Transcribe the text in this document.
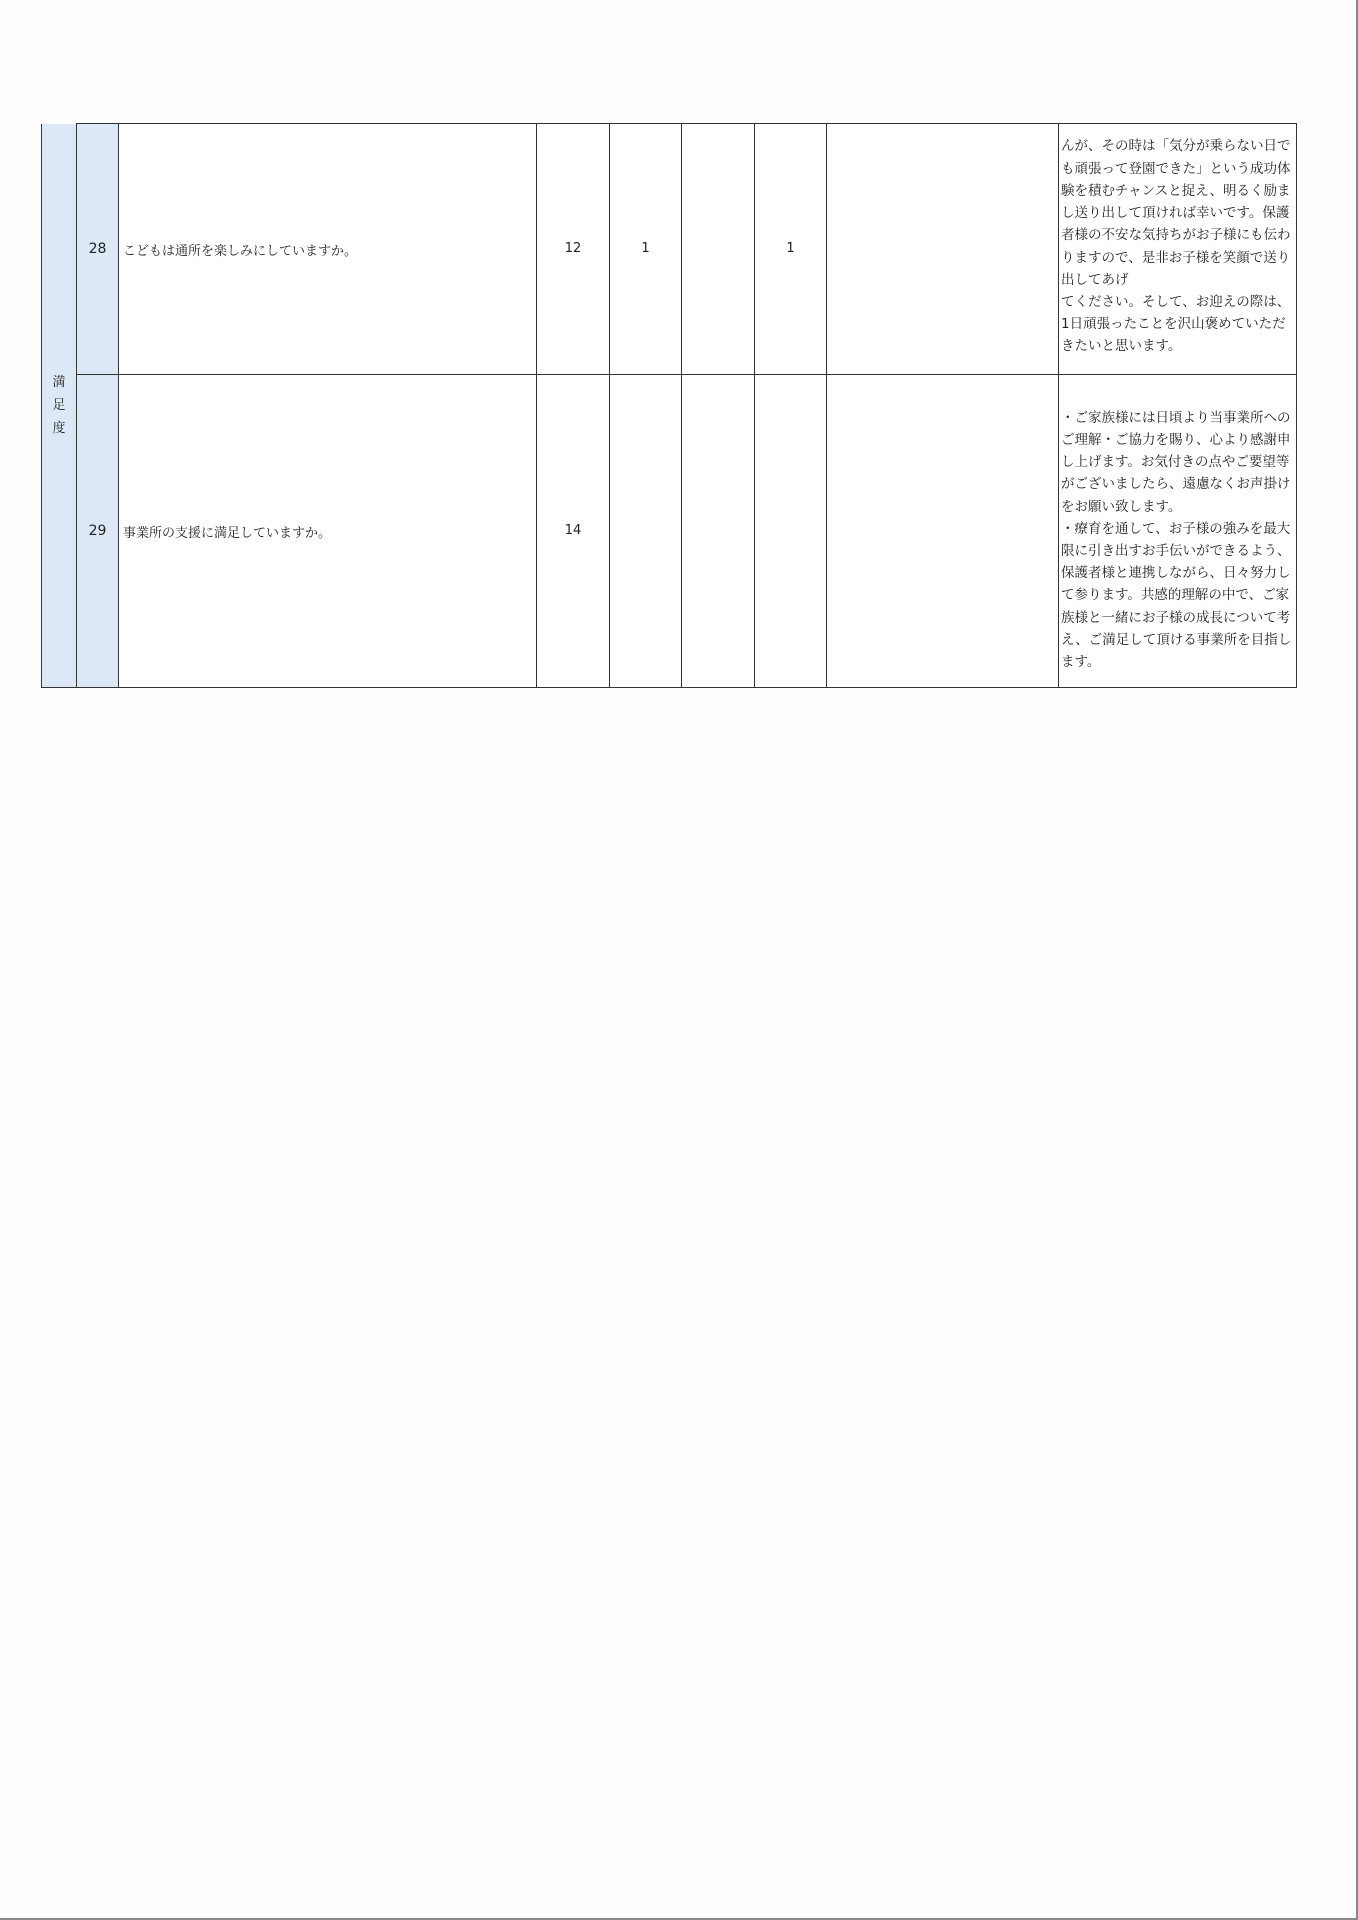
満足度	28	こどもは通所を楽しみにしていますか。	12	1		1		んが、その時は「気分が乗らない日でも頑張って登園できた」という成功体験を積むチャンスと捉え、明るく励まし送り出して頂ければ幸いです。保護者様の不安な気持ちがお子様にも伝わりますので、是非お子様を笑顔で送り出してあげ
てください。そして、お迎えの際は、1日頑張ったことを沢山褒めていただきたいと思います。

	29	事業所の支援に満足していますか。	14					・ご家族様には日頃より当事業所へのご理解・ご協力を賜り、心より感謝申し上げます。お気付きの点やご要望等がございましたら、遠慮なくお声掛けをお願い致します。
・療育を通して、お子様の強みを最大限に引き出すお手伝いができるよう、保護者様と連携しながら、日々努力して参ります。共感的理解の中で、ご家族様と一緒にお子様の成長について考え、ご満足して頂ける事業所を目指します。
